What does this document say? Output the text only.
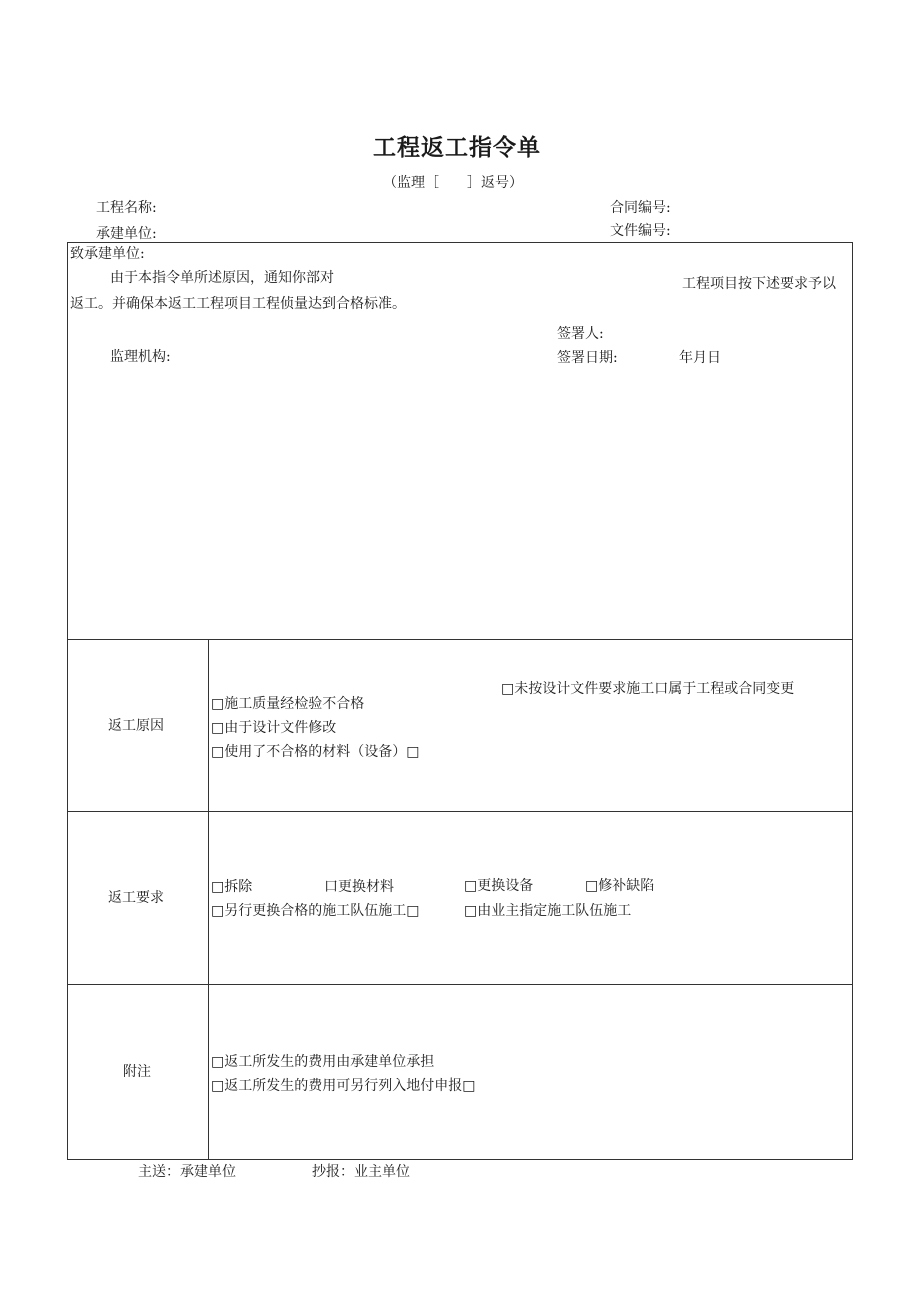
工程返工指令单
（监理［　　］返号）
工程名称:	合同编号:
承建单位:	文件编号:
致承建单位:
由于本指令单所述原因，通知你部对	工程项目按下述要求予以
返工。并确保本返工工程项目工程侦量达到合格标准。
签署人:
监理机构:	签署日期:	年月日
返工原因
□未按设计文件要求施工口属于工程或合同变更
□施工质量经检验不合格
□由于设计文件修改
□使用了不合格的材料（设备）□
返工要求
□拆除	口更换材料	□更换设备	□修补缺陷
□另行更换合格的施工队伍施工□	□由业主指定施工队伍施工
附注
□返工所发生的费用由承建单位承担
□返工所发生的费用可另行列入地付申报□
主送：承建单位	抄报：业主单位
